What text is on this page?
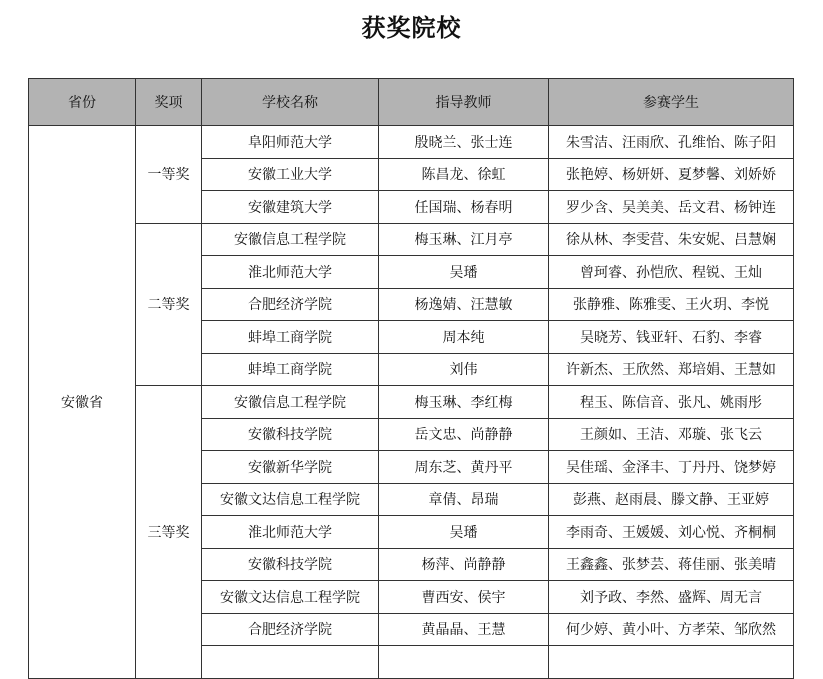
获奖院校
省份	奖项	学校名称	指导教师	参赛学生
安徽省	一等奖	阜阳师范大学	殷晓兰、张士连	朱雪洁、汪雨欣、孔维怡、陈子阳
		安徽工业大学	陈昌龙、徐虹	张艳婷、杨妍妍、夏梦馨、刘娇娇
		安徽建筑大学	任国瑞、杨春明	罗少含、吴美美、岳文君、杨钟连
	二等奖	安徽信息工程学院	梅玉琳、江月亭	徐从林、李雯营、朱安妮、吕慧娴
		淮北师范大学	吴璠	曾珂睿、孙恺欣、程锐、王灿
		合肥经济学院	杨逸婧、汪慧敏	张静雅、陈雅雯、王火玥、李悦
		蚌埠工商学院	周本纯	吴晓芳、钱亚轩、石豹、李睿
		蚌埠工商学院	刘伟	许新杰、王欣然、郑培娟、王慧如
	三等奖	安徽信息工程学院	梅玉琳、李红梅	程玉、陈信音、张凡、姚雨彤
		安徽科技学院	岳文忠、尚静静	王颜如、王洁、邓璇、张飞云
		安徽新华学院	周东芝、黄丹平	吴佳瑶、金泽丰、丁丹丹、饶梦婷
		安徽文达信息工程学院	章倩、昂瑞	彭燕、赵雨晨、滕文静、王亚婷
		淮北师范大学	吴璠	李雨奇、王媛媛、刘心悦、齐桐桐
		安徽科技学院	杨萍、尚静静	王鑫鑫、张梦芸、蒋佳丽、张美晴
		安徽文达信息工程学院	曹西安、侯宇	刘予政、李然、盛辉、周无言
		合肥经济学院	黄晶晶、王慧	何少婷、黄小叶、方孝荣、邹欣然
